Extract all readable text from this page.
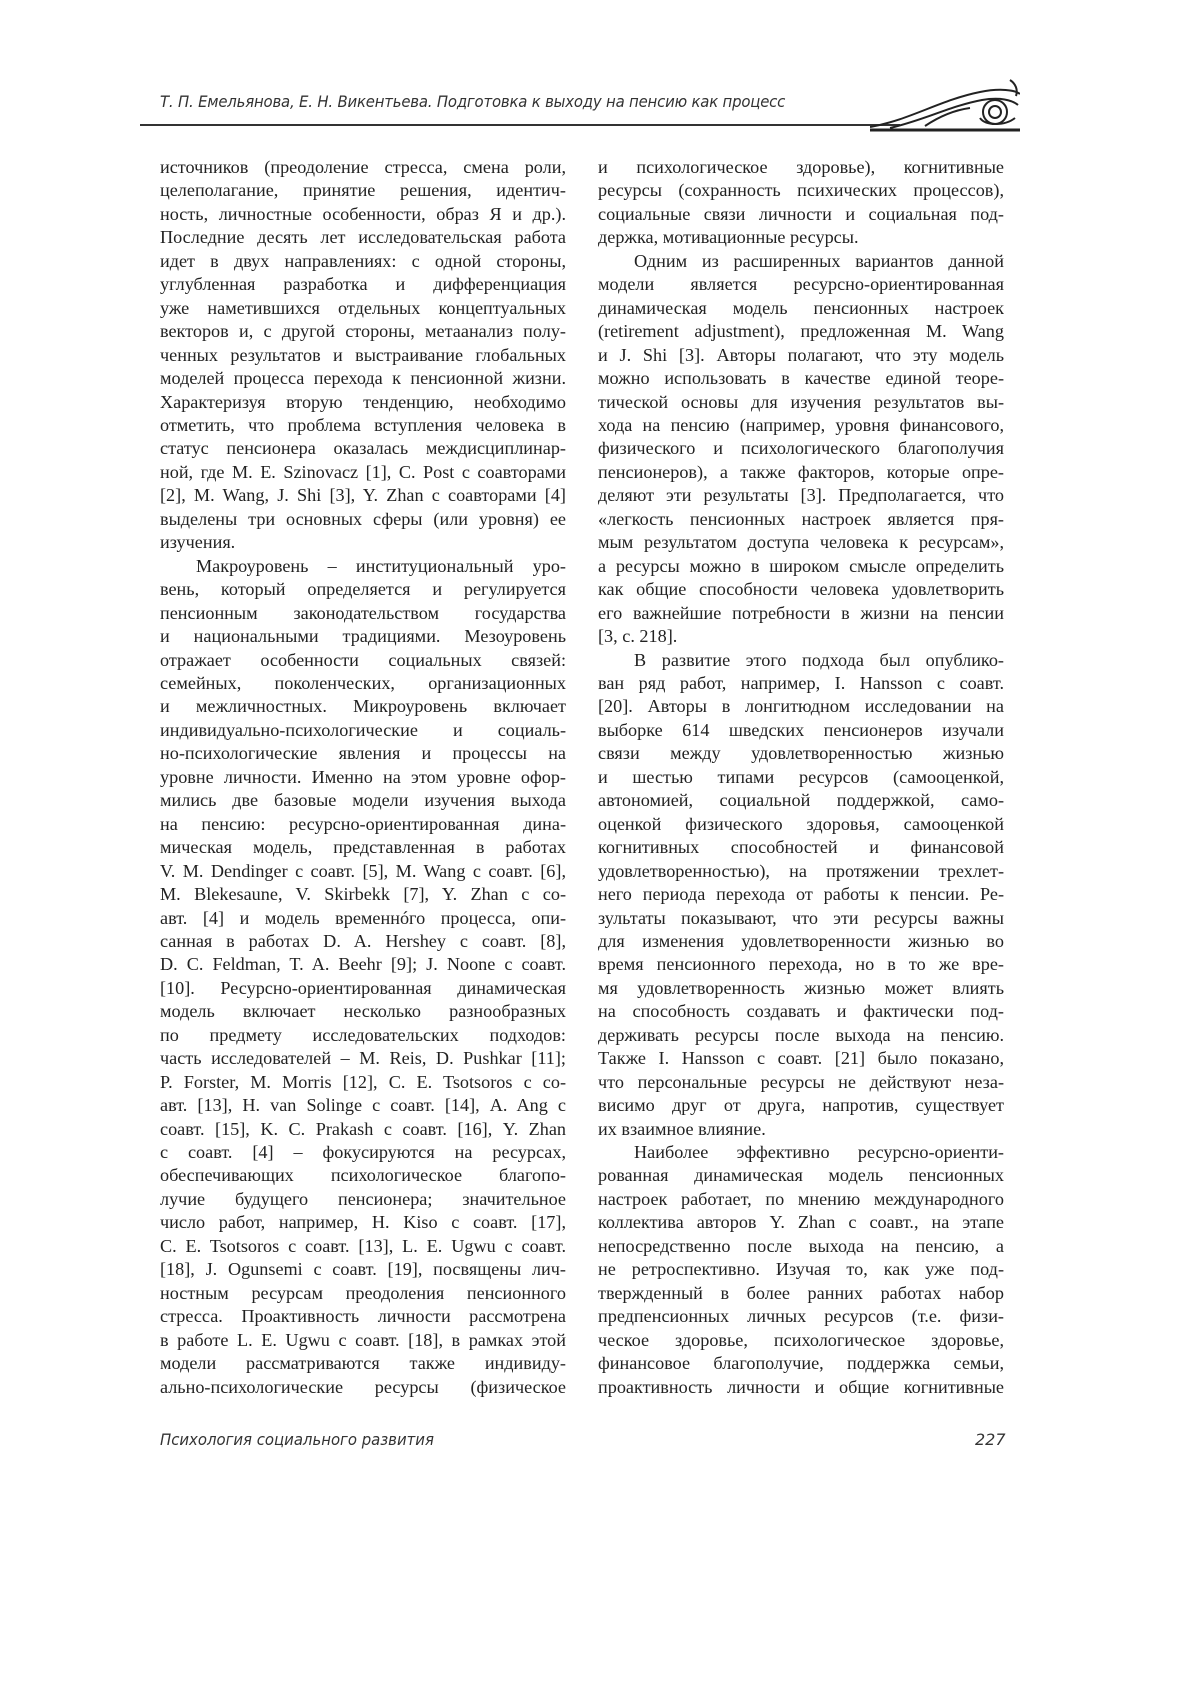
Т. П. Емельянова, Е. Н. Викентьева. Подготовка к выходу на пенсию как процесс
источников (преодоление стресса, смена роли,
целеполагание, принятие решения, идентич-
ность, личностные особенности, образ Я и др.).
Последние десять лет исследовательская работа
идет в двух направлениях: с одной стороны,
углубленная разработка и дифференциация
уже наметившихся отдельных концептуальных
векторов и, с другой стороны, метаанализ полу-
ченных результатов и выстраивание глобальных
моделей процесса перехода к пенсионной жизни.
Характеризуя вторую тенденцию, необходимо
отметить, что проблема вступления человека в
статус пенсионера оказалась междисциплинар-
ной, где M. E. Szinovacz [1], C. Post с соавторами
[2], M. Wang, J. Shi [3], Y. Zhan с соавторами [4]
выделены три основных сферы (или уровня) ее
изучения.
Макроуровень – институциональный уро-
вень, который определяется и регулируется
пенсионным законодательством государства
и национальными традициями. Мезоуровень
отражает особенности социальных связей:
семейных, поколенческих, организационных
и межличностных. Микроуровень включает
индивидуально-психологические и социаль-
но-психологические явления и процессы на
уровне личности. Именно на этом уровне офор-
мились две базовые модели изучения выхода
на пенсию: ресурсно-ориентированная дина-
мическая модель, представленная в работах
V. M. Dendinger с соавт. [5], M. Wang с соавт. [6],
M. Blekesaune, V. Skirbekk [7], Y. Zhan с со-
авт. [4] и модель временнóго процесса, опи-
санная в работах D. A. Hershey с соавт. [8],
D. C. Feldman, T. A. Beehr [9]; J. Noone с соавт.
[10]. Ресурсно-ориентированная динамическая
модель включает несколько разнообразных
по предмету исследовательских подходов:
часть исследователей – M. Reis, D. Pushkar [11];
P. Forster, M. Morris [12], C. E. Tsotsoros с со-
авт. [13], H. van Solinge с соавт. [14], A. Ang с
соавт. [15], K. C. Prakash с соавт. [16], Y. Zhan
с соавт. [4] – фокусируются на ресурсах,
обеспечивающих психологическое благопо-
лучие будущего пенсионера; значительное
число работ, например, H. Kiso с соавт. [17],
C. E. Tsotsoros с соавт. [13], L. E. Ugwu с соавт.
[18], J. Ogunsemi с соавт. [19], посвящены лич-
ностным ресурсам преодоления пенсионного
стресса. Проактивность личности рассмотрена
в работе L. E. Ugwu с соавт. [18], в рамках этой
модели рассматриваются также индивиду-
ально-психологические ресурсы (физическое
и психологическое здоровье), когнитивные
ресурсы (сохранность психических процессов),
социальные связи личности и социальная под-
держка, мотивационные ресурсы.
Одним из расширенных вариантов данной
модели является ресурсно-ориентированная
динамическая модель пенсионных настроек
(retirement adjustment), предложенная M. Wang
и J. Shi [3]. Авторы полагают, что эту модель
можно использовать в качестве единой теоре-
тической основы для изучения результатов вы-
хода на пенсию (например, уровня финансового,
физического и психологического благополучия
пенсионеров), а также факторов, которые опре-
деляют эти результаты [3]. Предполагается, что
«легкость пенсионных настроек является пря-
мым результатом доступа человека к ресурсам»,
а ресурсы можно в широком смысле определить
как общие способности человека удовлетворить
его важнейшие потребности в жизни на пенсии
[3, с. 218].
В развитие этого подхода был опублико-
ван ряд работ, например, I. Hansson с соавт.
[20]. Авторы в лонгитюдном исследовании на
выборке 614 шведских пенсионеров изучали
связи между удовлетворенностью жизнью
и шестью типами ресурсов (самооценкой,
автономией, социальной поддержкой, само-
оценкой физического здоровья, самооценкой
когнитивных способностей и финансовой
удовлетворенностью), на протяжении трехлет-
него периода перехода от работы к пенсии. Ре-
зультаты показывают, что эти ресурсы важны
для изменения удовлетворенности жизнью во
время пенсионного перехода, но в то же вре-
мя удовлетворенность жизнью может влиять
на способность создавать и фактически под-
держивать ресурсы после выхода на пенсию.
Также I. Hansson с соавт. [21] было показано,
что персональные ресурсы не действуют неза-
висимо друг от друга, напротив, существует
их взаимное влияние.
Наиболее эффективно ресурсно-ориенти-
рованная динамическая модель пенсионных
настроек работает, по мнению международного
коллектива авторов Y. Zhan с соавт., на этапе
непосредственно после выхода на пенсию, а
не ретроспективно. Изучая то, как уже под-
твержденный в более ранних работах набор
предпенсионных личных ресурсов (т.е. физи-
ческое здоровье, психологическое здоровье,
финансовое благополучие, поддержка семьи,
проактивность личности и общие когнитивные
Психология социального развития	227
